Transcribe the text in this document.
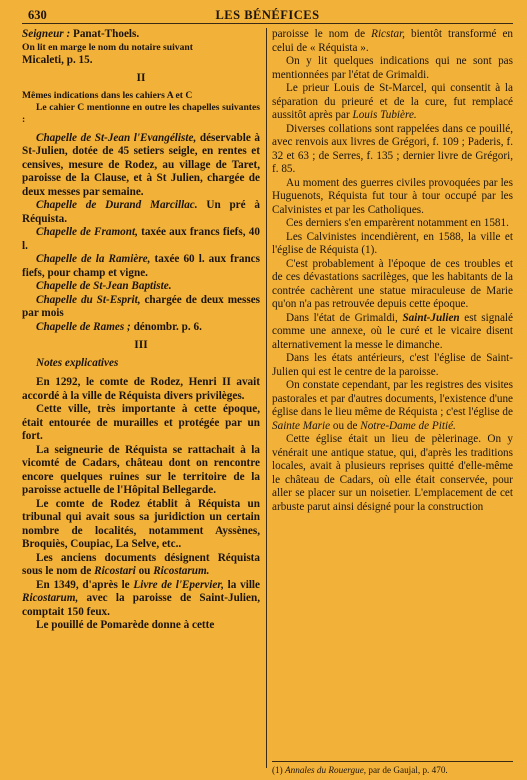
630	LES BÉNÉFICES

Seigneur : Panat-Thoels.

On lit en marge le nom du notaire suivant

Micaleti, p. 15.

II

Mêmes indications dans les cahiers A et C

Le cahier C mentionne en outre les chapelles suivantes :

Chapelle de St-Jean l'Evangéliste, déservable à St-Julien, dotée de 45 setiers seigle, en rentes et censives, mesure de Rodez, au village de Taret, paroisse de la Clause, et à St Julien, chargée de deux messes par semaine.

Chapelle de Durand Marcillac. Un pré à Réquista.

Chapelle de Framont, taxée aux francs fiefs, 40 l.

Chapelle de la Ramière, taxée 60 l. aux francs fiefs, pour champ et vigne.

Chapelle de St-Jean Baptiste.

Chapelle du St-Esprit, chargée de deux messes par mois

Chapelle de Rames ; dénombr. p. 6.

III

Notes explicatives

En 1292, le comte de Rodez, Henri II avait accordé à la ville de Réquista divers privilèges.

Cette ville, très importante à cette époque, était entourée de murailles et protégée par un fort.

La seigneurie de Réquista se rattachait à la vicomté de Cadars, château dont on rencontre encore quelques ruines sur le territoire de la paroisse actuelle de l'Hôpital Bellegarde.

Le comte de Rodez établit à Réquista un tribunal qui avait sous sa juridiction un certain nombre de localités, notamment Ayssènes, Broquiès, Coupiac, La Selve, etc..

Les anciens documents désignent Réquista sous le nom de Ricostari ou Ricostarum.

En 1349, d'après le Livre de l'Epervier, la ville Ricostarum, avec la paroisse de Saint-Julien, comptait 150 feux.

Le pouillé de Pomarède donne à cette

paroisse le nom de Ricstar, bientôt transformé en celui de « Réquista ».

On y lit quelques indications qui ne sont pas mentionnées par l'état de Grimaldi.

Le prieur Louis de St-Marcel, qui consentit à la séparation du prieuré et de la cure, fut remplacé aussitôt après par Louis Tubière.

Diverses collations sont rappelées dans ce pouillé, avec renvois aux livres de Grégori, f. 109 ; Paderis, f. 32 et 63 ; de Serres, f. 135 ; dernier livre de Grégori, f. 85.

Au moment des guerres civiles provoquées par les Huguenots, Réquista fut tour à tour occupé par les Calvinistes et par les Catholiques.

Ces derniers s'en emparèrent notamment en 1581.

Les Calvinistes incendièrent, en 1588, la ville et l'église de Réquista (1).

C'est probablement à l'époque de ces troubles et de ces dévastations sacrilèges, que les habitants de la contrée cachèrent une statue miraculeuse de Marie qu'on n'a pas retrouvée depuis cette époque.

Dans l'état de Grimaldi, Saint-Julien est signalé comme une annexe, où le curé et le vicaire disent alternativement la messe le dimanche.

Dans les états antérieurs, c'est l'église de Saint-Julien qui est le centre de la paroisse.

On constate cependant, par les registres des visites pastorales et par d'autres documents, l'existence d'une église dans le lieu même de Réquista ; c'est l'église de Sainte Marie ou de Notre-Dame de Pitié.

Cette église était un lieu de pèlerinage. On y vénérait une antique statue, qui, d'après les traditions locales, avait à plusieurs reprises quitté d'elle-même le château de Cadars, où elle était conservée, pour aller se placer sur un noisetier. L'emplacement de cet arbuste parut ainsi désigné pour la construction

(1) Annales du Rouergue, par de Gaujal, p. 470.
